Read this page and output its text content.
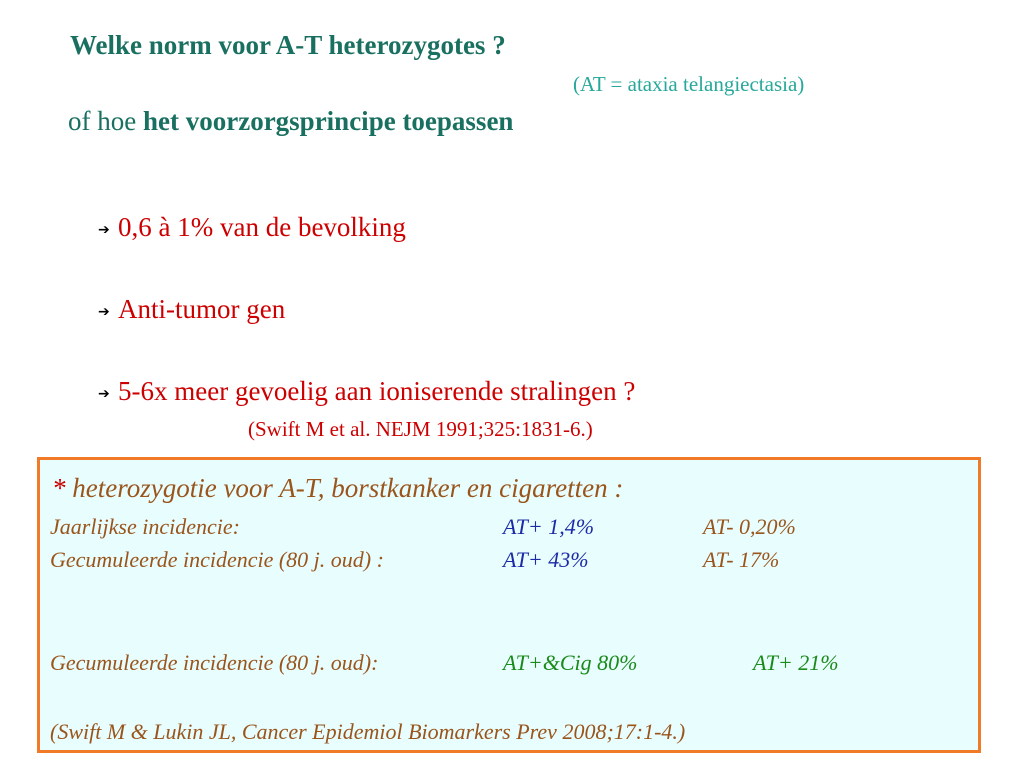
Welke norm voor A-T heterozygotes ?
(AT = ataxia telangiectasia)
of hoe het voorzorgsprincipe toepassen
➔ 0,6 à 1% van de bevolking
➔ Anti-tumor gen
➔ 5-6x meer gevoelig aan ioniserende stralingen ?
(Swift M et al. NEJM 1991;325:1831-6.)
* heterozygotie voor A-T, borstkanker en cigaretten :
Jaarlijkse incidencie:	AT+ 1,4%	AT- 0,20%
Gecumuleerde incidencie (80 j. oud) :	AT+ 43%	AT- 17%
Gecumuleerde incidencie (80 j. oud):	AT+&Cig 80%	AT+ 21%
(Swift M & Lukin JL, Cancer Epidemiol Biomarkers Prev 2008;17:1-4.)
